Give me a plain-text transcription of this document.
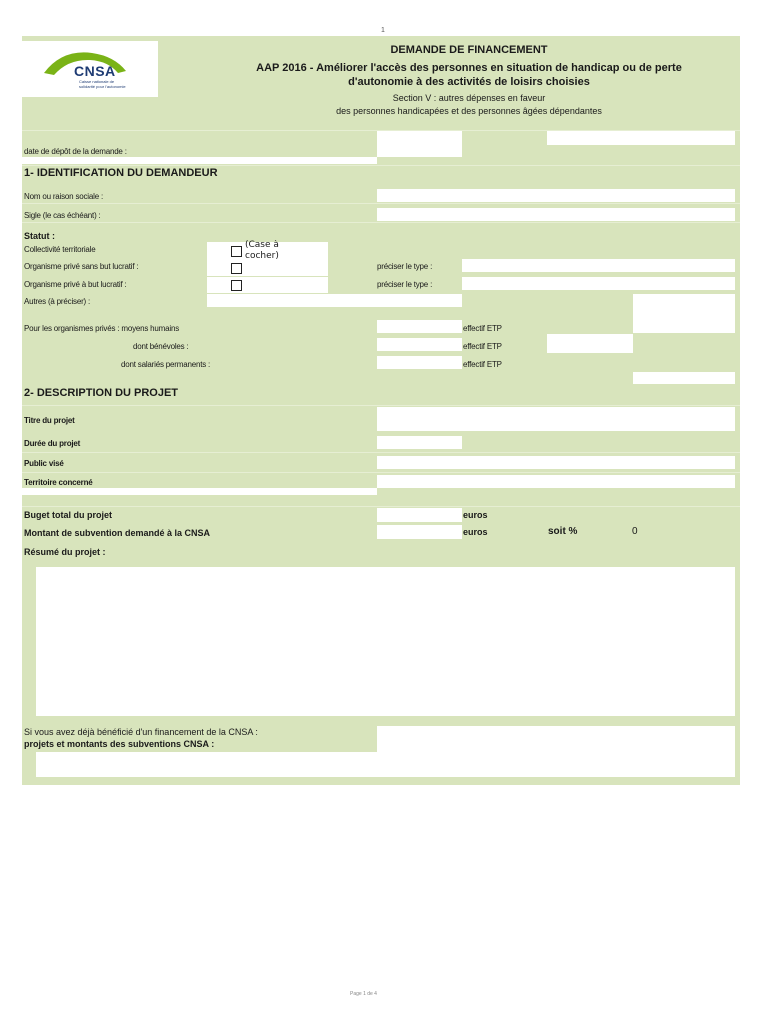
1
CNSA
Caisse nationale de
solidarité pour l'autonomie
DEMANDE DE FINANCEMENT
AAP 2016 - Améliorer l'accès des personnes en situation de handicap ou de perte
d'autonomie à des activités de loisirs choisies
Section V : autres dépenses en faveur
des personnes handicapées et des personnes âgées dépendantes
date de dépôt de la demande :
1- IDENTIFICATION DU DEMANDEUR
Nom ou raison sociale :
Sigle (le cas échéant) :
Statut :
Collectivité territoriale	(Case à cocher)
Organisme privé sans but lucratif :	préciser le type :
Organisme privé à but lucratif :	préciser le type :
Autres (à préciser) :
Pour les organismes privés : moyens humains	effectif ETP
dont bénévoles :	effectif ETP
dont salariés permanents :	effectif ETP
2- DESCRIPTION DU PROJET
Titre du projet
Durée du projet
Public visé
Territoire concerné
Buget total du projet	euros
Montant de subvention demandé à la CNSA	euros	soit %	0
Résumé du projet :
Si vous avez déjà bénéficié d'un financement de la CNSA :
projets et montants des subventions CNSA :
Page 1 de 4
